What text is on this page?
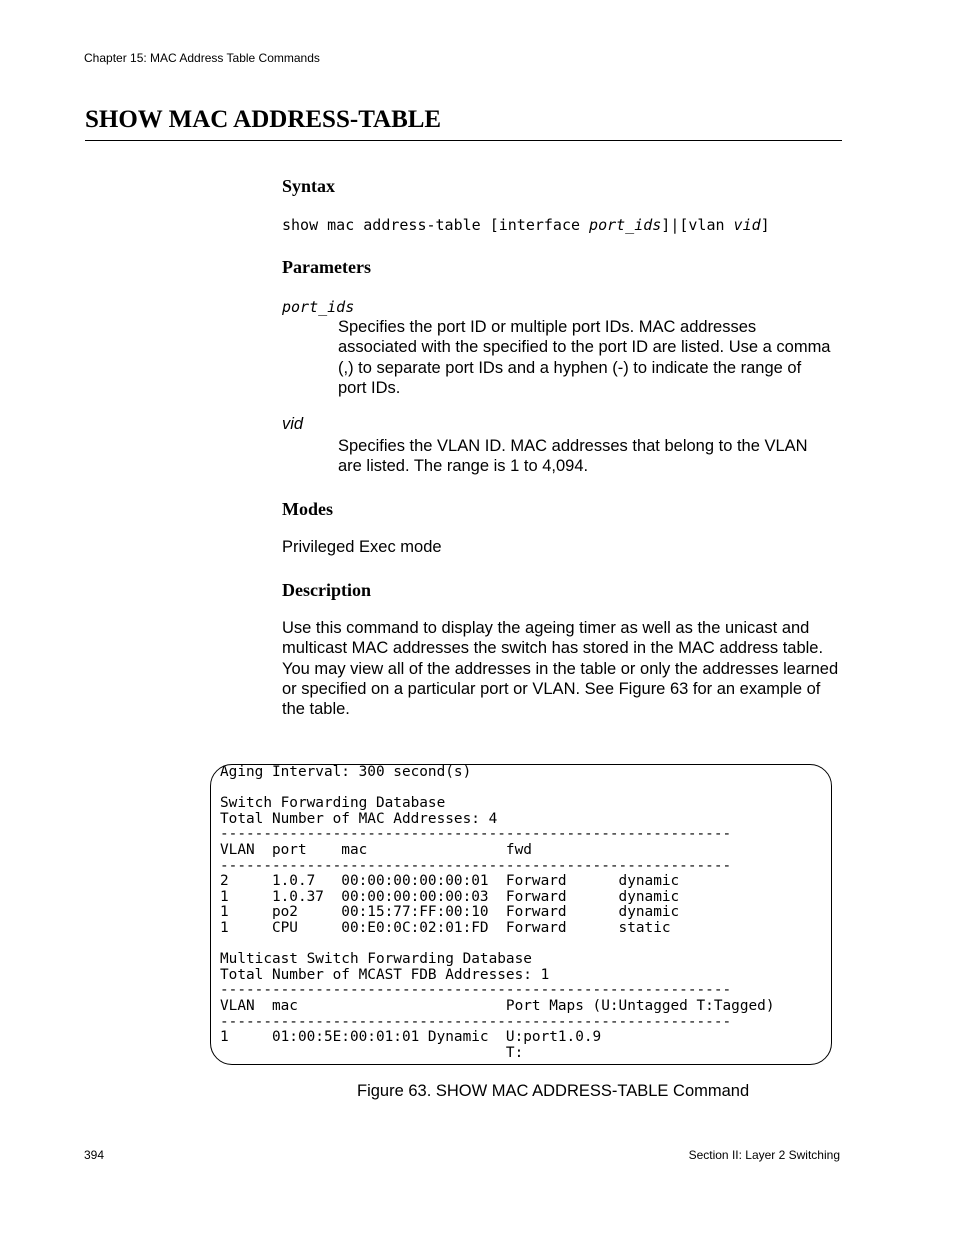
Chapter 15: MAC Address Table Commands
SHOW MAC ADDRESS-TABLE
Syntax
show mac address-table [interface port_ids]|[vlan vid]
Parameters
port_ids
Specifies the port ID or multiple port IDs. MAC addresses associated with the specified to the port ID are listed. Use a comma (,) to separate port IDs and a hyphen (-) to indicate the range of port IDs.
vid
Specifies the VLAN ID. MAC addresses that belong to the VLAN are listed. The range is 1 to 4,094.
Modes
Privileged Exec mode
Description
Use this command to display the ageing timer as well as the unicast and multicast MAC addresses the switch has stored in the MAC address table. You may view all of the addresses in the table or only the addresses learned or specified on a particular port or VLAN. See Figure 63 for an example of the table.
Aging Interval: 300 second(s)

Switch Forwarding Database
Total Number of MAC Addresses: 4
-----------------------------------------------------------
VLAN  port    mac                fwd
-----------------------------------------------------------
2     1.0.7   00:00:00:00:00:01  Forward      dynamic
1     1.0.37  00:00:00:00:00:03  Forward      dynamic
1     po2     00:15:77:FF:00:10  Forward      dynamic
1     CPU     00:E0:0C:02:01:FD  Forward      static

Multicast Switch Forwarding Database
Total Number of MCAST FDB Addresses: 1
-----------------------------------------------------------
VLAN  mac                        Port Maps (U:Untagged T:Tagged)
-----------------------------------------------------------
1     01:00:5E:00:01:01 Dynamic  U:port1.0.9
T:
Figure 63. SHOW MAC ADDRESS-TABLE Command
394	Section II: Layer 2 Switching
